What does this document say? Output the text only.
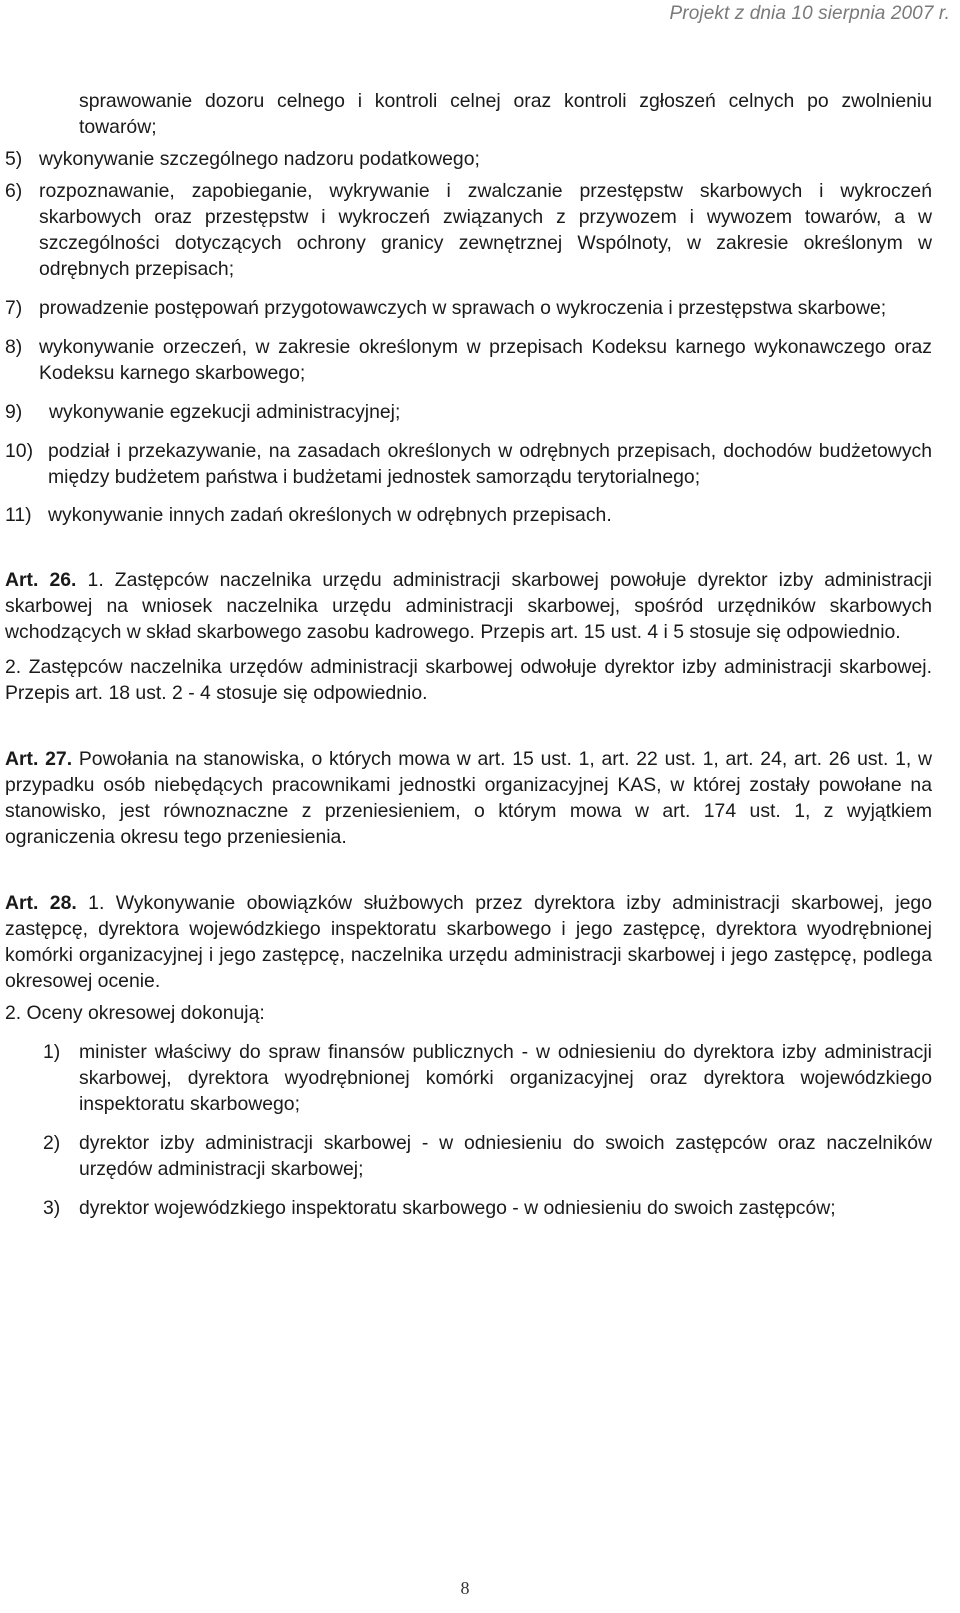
Projekt z dnia 10 sierpnia 2007 r.

sprawowanie dozoru celnego i kontroli celnej oraz kontroli zgłoszeń celnych po zwolnieniu towarów;

5) wykonywanie szczególnego nadzoru podatkowego;
6) rozpoznawanie, zapobieganie, wykrywanie i zwalczanie przestępstw skarbowych i wykroczeń skarbowych oraz przestępstw i wykroczeń związanych z przywozem i wywozem towarów, a w szczególności dotyczących ochrony granicy zewnętrznej Wspólnoty, w zakresie określonym w odrębnych przepisach;
7) prowadzenie postępowań przygotowawczych w sprawach o wykroczenia i przestępstwa skarbowe;
8) wykonywanie orzeczeń, w zakresie określonym w przepisach Kodeksu karnego wykonawczego oraz Kodeksu karnego skarbowego;
9)	wykonywanie egzekucji administracyjnej;
10) podział i przekazywanie, na zasadach określonych w odrębnych przepisach, dochodów budżetowych między budżetem państwa i budżetami jednostek samorządu terytorialnego;
11) wykonywanie innych zadań określonych w odrębnych przepisach.

Art. 26. 1. Zastępców naczelnika urzędu administracji skarbowej powołuje dyrektor izby administracji skarbowej na wniosek naczelnika urzędu administracji skarbowej, spośród urzędników skarbowych wchodzących w skład skarbowego zasobu kadrowego. Przepis art. 15 ust. 4 i 5 stosuje się odpowiednio.

2. Zastępców naczelnika urzędów administracji skarbowej odwołuje dyrektor izby administracji skarbowej. Przepis art. 18 ust. 2 - 4 stosuje się odpowiednio.

Art. 27. Powołania na stanowiska, o których mowa w art. 15 ust. 1, art. 22 ust. 1, art. 24, art. 26 ust. 1, w przypadku osób niebędących pracownikami jednostki organizacyjnej KAS, w której zostały powołane na stanowisko, jest równoznaczne z przeniesieniem, o którym mowa w art. 174 ust. 1, z wyjątkiem ograniczenia okresu tego przeniesienia.

Art. 28. 1. Wykonywanie obowiązków służbowych przez dyrektora izby administracji skarbowej, jego zastępcę, dyrektora wojewódzkiego inspektoratu skarbowego i jego zastępcę, dyrektora wyodrębnionej komórki organizacyjnej i jego zastępcę, naczelnika urzędu administracji skarbowej i jego zastępcę, podlega okresowej ocenie.

2. Oceny okresowej dokonują:

1) minister właściwy do spraw finansów publicznych - w odniesieniu do dyrektora izby administracji skarbowej, dyrektora wyodrębnionej komórki organizacyjnej oraz dyrektora wojewódzkiego inspektoratu skarbowego;
2) dyrektor izby administracji skarbowej - w odniesieniu do swoich zastępców oraz naczelników urzędów administracji skarbowej;
3) dyrektor wojewódzkiego inspektoratu skarbowego - w odniesieniu do swoich zastępców;
8
